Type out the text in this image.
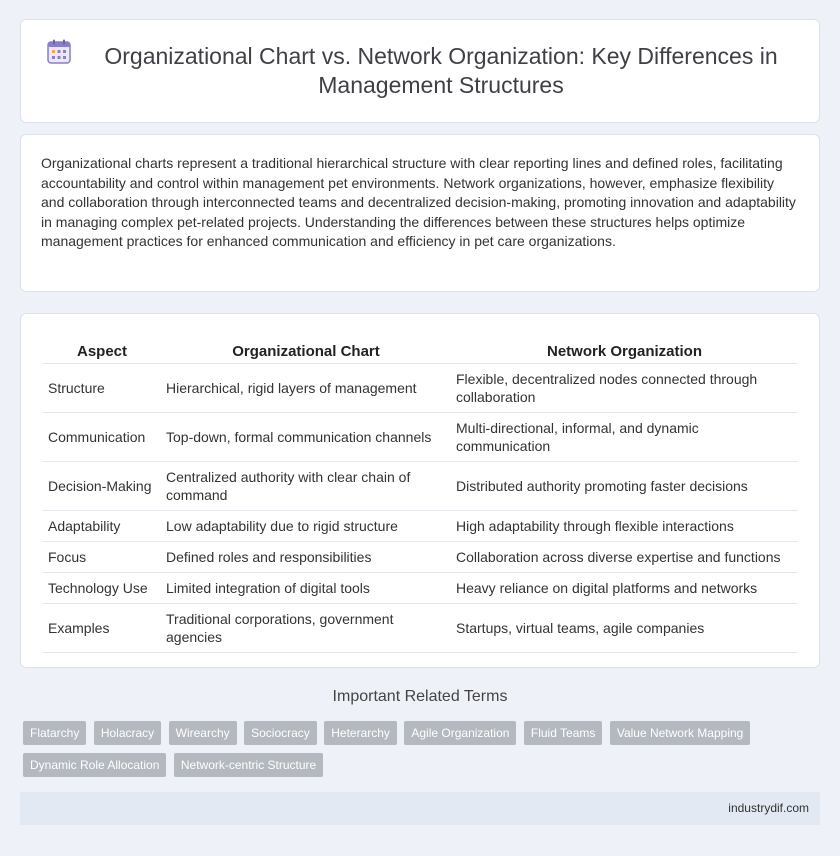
Organizational Chart vs. Network Organization: Key Differences in Management Structures

Organizational charts represent a traditional hierarchical structure with clear reporting lines and defined roles, facilitating accountability and control within management pet environments. Network organizations, however, emphasize flexibility and collaboration through interconnected teams and decentralized decision-making, promoting innovation and adaptability in managing complex pet-related projects. Understanding the differences between these structures helps optimize management practices for enhanced communication and efficiency in pet care organizations.

Aspect	Organizational Chart	Network Organization
Structure	Hierarchical, rigid layers of management	Flexible, decentralized nodes connected through collaboration
Communication	Top-down, formal communication channels	Multi-directional, informal, and dynamic communication
Decision-Making	Centralized authority with clear chain of command	Distributed authority promoting faster decisions
Adaptability	Low adaptability due to rigid structure	High adaptability through flexible interactions
Focus	Defined roles and responsibilities	Collaboration across diverse expertise and functions
Technology Use	Limited integration of digital tools	Heavy reliance on digital platforms and networks
Examples	Traditional corporations, government agencies	Startups, virtual teams, agile companies
Important Related Terms
Flatarchy Holacracy Wirearchy Sociocracy Heterarchy Agile Organization Fluid Teams Value Network Mapping Dynamic Role Allocation Network-centric Structure
industrydif.com
